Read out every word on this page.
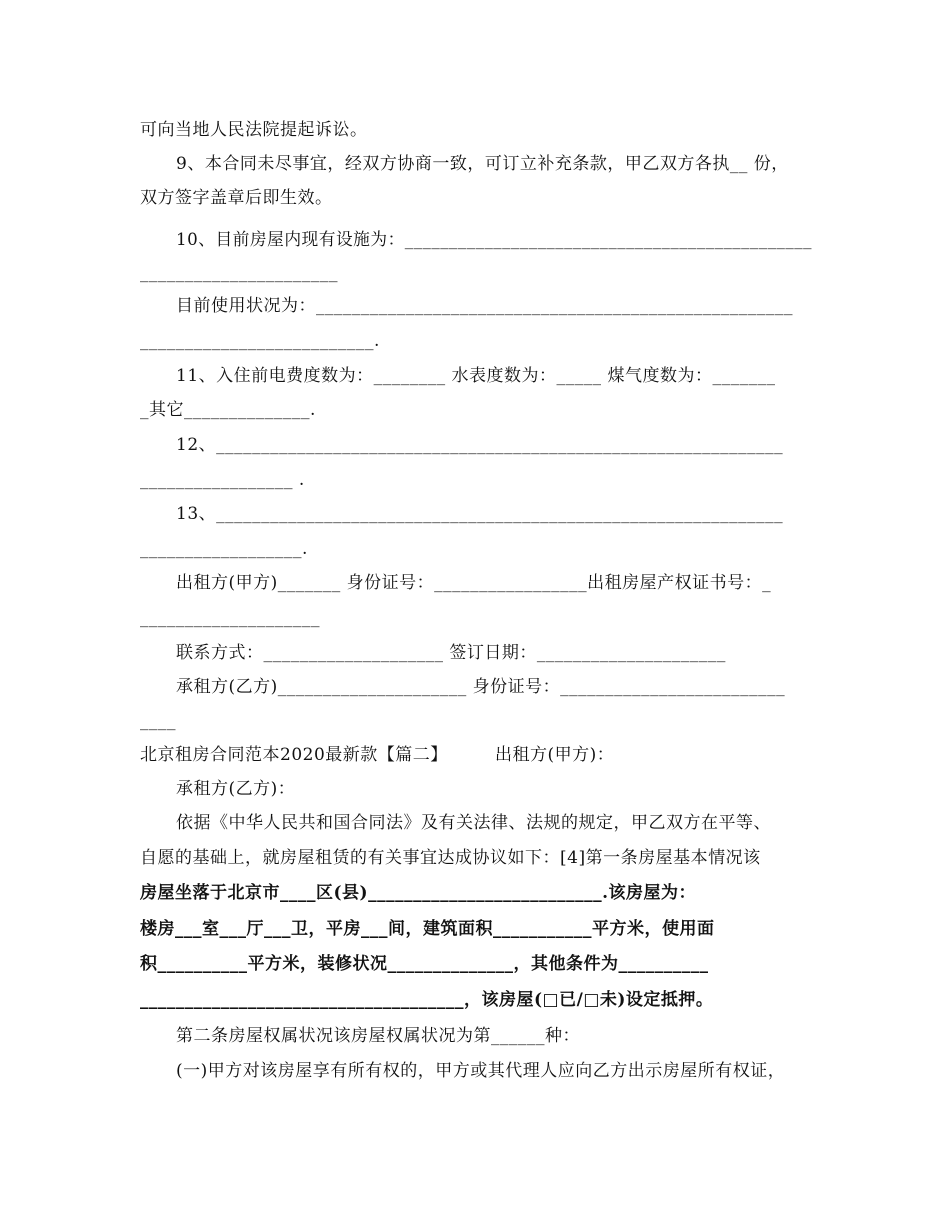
可向当地人民法院提起诉讼。
9、本合同未尽事宜，经双方协商一致，可订立补充条款，甲乙双方各执__ 份，
双方签字盖章后即生效。
10、目前房屋内现有设施为：______________________________________________
______________________
目前使用状况为：_____________________________________________________
__________________________.
11、入住前电费度数为：________ 水表度数为：_____ 煤气度数为：_______
_其它______________.
12、_______________________________________________________________
_________________ .
13、_______________________________________________________________
__________________.
出租方(甲方)_______ 身份证号：_________________出租房屋产权证书号：_
____________________
联系方式：____________________ 签订日期：_____________________
承租方(乙方)_____________________ 身份证号：_________________________
____
北京租房合同范本2020最新款【篇二】        出租方(甲方)：
承租方(乙方)：
依据《中华人民共和国合同法》及有关法律、法规的规定，甲乙双方在平等、
自愿的基础上，就房屋租赁的有关事宜达成协议如下：[4]第一条房屋基本情况该
房屋坐落于北京市____区(县)__________________________.该房屋为：
楼房___室___厅___卫，平房___间，建筑面积___________平方米，使用面
积__________平方米，装修状况______________，其他条件为__________
____________________________________，该房屋(□已/□未)设定抵押。
第二条房屋权属状况该房屋权属状况为第______种：
(一)甲方对该房屋享有所有权的，甲方或其代理人应向乙方出示房屋所有权证，
